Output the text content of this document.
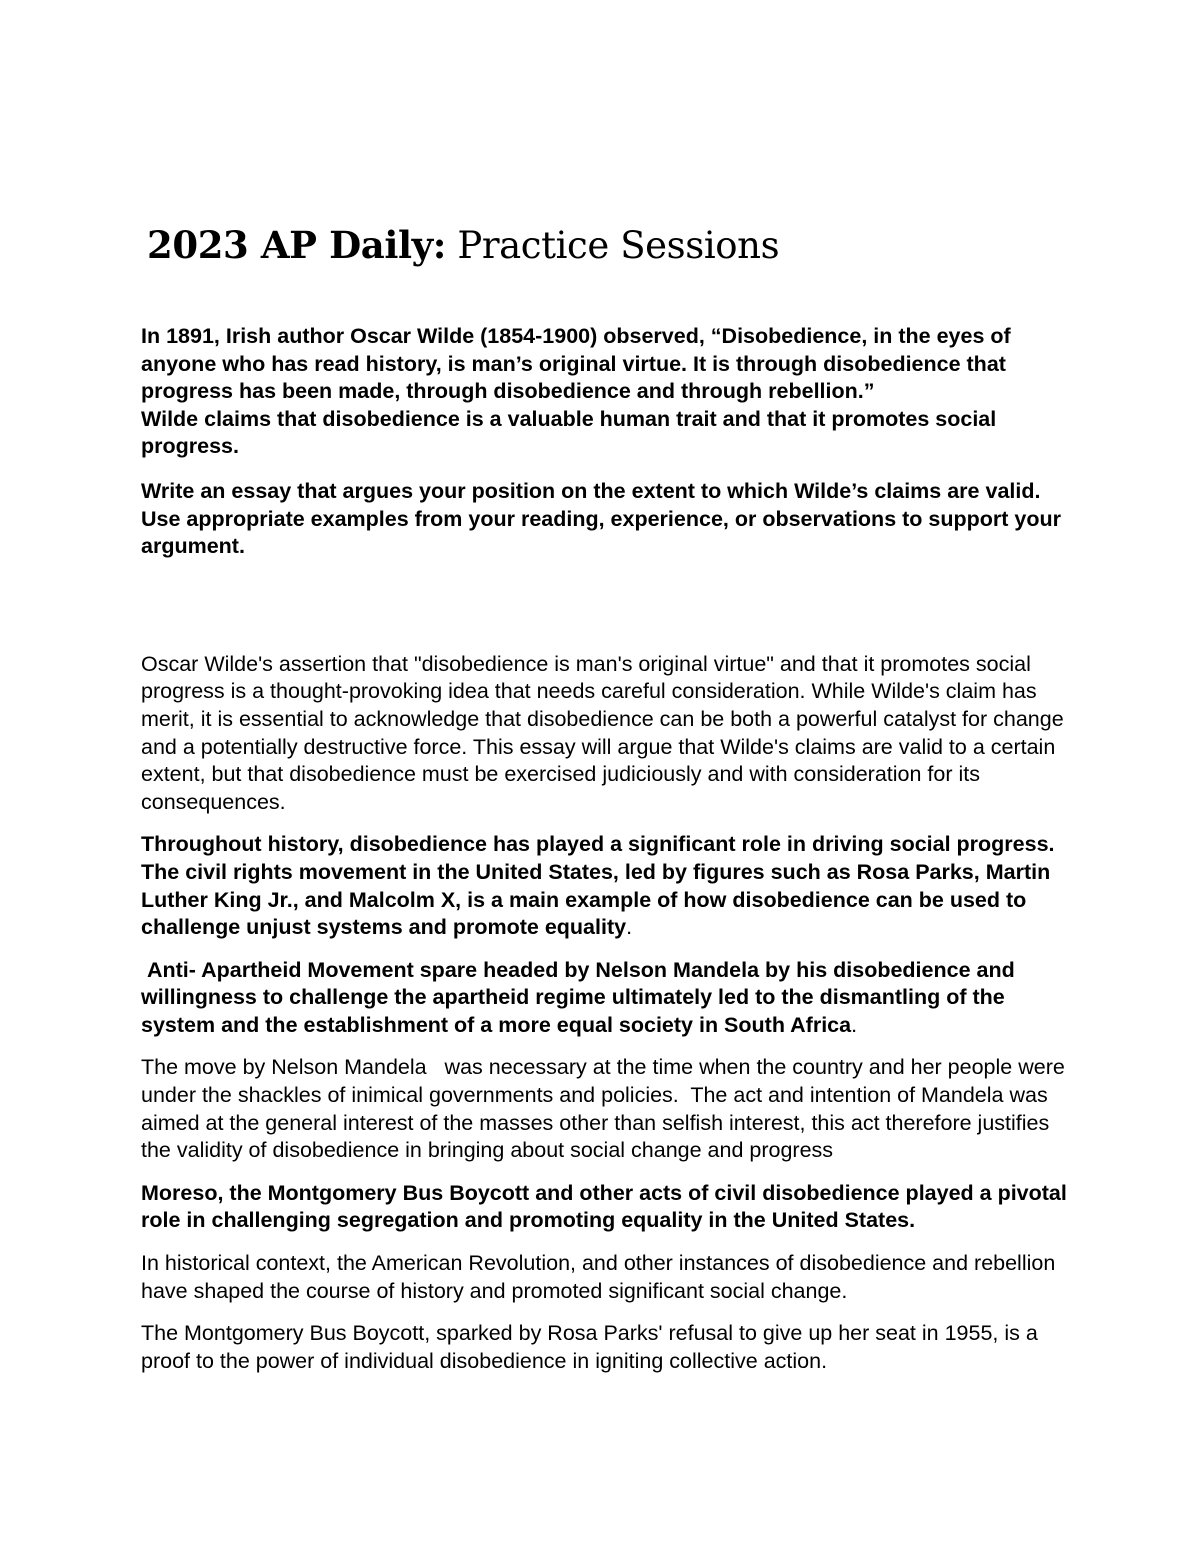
2023 AP Daily: Practice Sessions

In 1891, Irish author Oscar Wilde (1854-1900) observed, “Disobedience, in the eyes of anyone who has read history, is man’s original virtue. It is through disobedience that progress has been made, through disobedience and through rebellion.”

Wilde claims that disobedience is a valuable human trait and that it promotes social progress.

Write an essay that argues your position on the extent to which Wilde’s claims are valid. Use appropriate examples from your reading, experience, or observations to support your argument.

Oscar Wilde's assertion that "disobedience is man's original virtue" and that it promotes social progress is a thought-provoking idea that needs careful consideration. While Wilde's claim has merit, it is essential to acknowledge that disobedience can be both a powerful catalyst for change and a potentially destructive force. This essay will argue that Wilde's claims are valid to a certain extent, but that disobedience must be exercised judiciously and with consideration for its consequences.

Throughout history, disobedience has played a significant role in driving social progress. The civil rights movement in the United States, led by figures such as Rosa Parks, Martin Luther King Jr., and Malcolm X, is a main example of how disobedience can be used to challenge unjust systems and promote equality.

Anti- Apartheid Movement spare headed by Nelson Mandela by his disobedience and willingness to challenge the apartheid regime ultimately led to the dismantling of the system and the establishment of a more equal society in South Africa.

The move by Nelson Mandela   was necessary at the time when the country and her people were under the shackles of inimical governments and policies.  The act and intention of Mandela was aimed at the general interest of the masses other than selfish interest, this act therefore justifies the validity of disobedience in bringing about social change and progress

Moreso, the Montgomery Bus Boycott and other acts of civil disobedience played a pivotal role in challenging segregation and promoting equality in the United States.

In historical context, the American Revolution, and other instances of disobedience and rebellion have shaped the course of history and promoted significant social change.

The Montgomery Bus Boycott, sparked by Rosa Parks' refusal to give up her seat in 1955, is a proof to the power of individual disobedience in igniting collective action.
